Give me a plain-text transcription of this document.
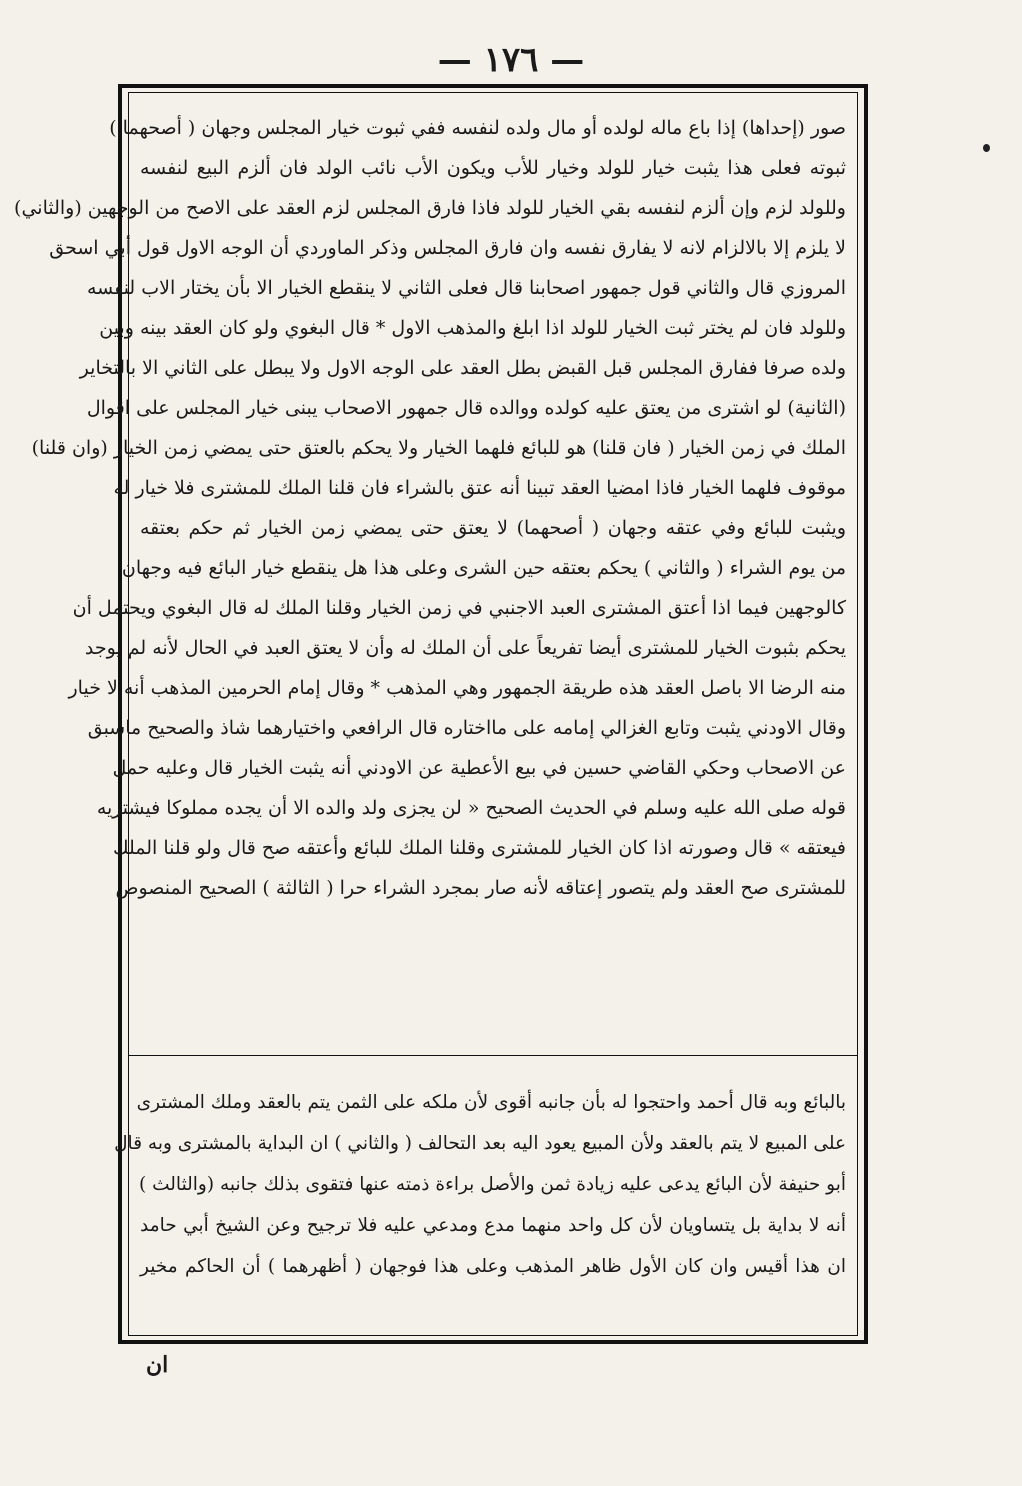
— ١٧٦ —
صور (إحداها) إذا باع ماله لولده أو مال ولده لنفسه ففي ثبوت خيار المجلس وجهان ( أصحهما )
ثبوته فعلى هذا يثبت خيار للولد وخيار للأب ويكون الأب نائب الولد فان ألزم البيع لنفسه
وللولد لزم وإن ألزم لنفسه بقي الخيار للولد فاذا فارق المجلس لزم العقد على الاصح من الوجهين (والثاني)
لا يلزم إلا بالالزام لانه لا يفارق نفسه وان فارق المجلس وذكر الماوردي أن الوجه الاول قول أبي اسحق
المروزي قال والثاني قول جمهور اصحابنا قال فعلى الثاني لا ينقطع الخيار الا بأن يختار الاب لنفسه
وللولد فان لم يختر ثبت الخيار للولد اذا ابلغ والمذهب الاول * قال البغوي ولو كان العقد بينه وبين
ولده صرفا ففارق المجلس قبل القبض بطل العقد على الوجه الاول ولا يبطل على الثاني الا بالتخاير
(الثانية) لو اشترى من يعتق عليه كولده ووالده قال جمهور الاصحاب يبنى خيار المجلس على اقوال
الملك في زمن الخيار ( فان قلنا) هو للبائع فلهما الخيار ولا يحكم بالعتق حتى يمضي زمن الخيار (وان قلنا)
موقوف فلهما الخيار فاذا امضيا العقد تبينا أنه عتق بالشراء فان قلنا الملك للمشترى فلا خيار له
ويثبت للبائع وفي عتقه وجهان ( أصحهما) لا يعتق حتى يمضي زمن الخيار ثم حكم بعتقه
من يوم الشراء ( والثاني ) يحكم بعتقه حين الشرى وعلى هذا هل ينقطع خيار البائع فيه وجهان
كالوجهين فيما اذا أعتق المشترى العبد الاجنبي في زمن الخيار وقلنا الملك له قال البغوي ويحتمل أن
يحكم بثبوت الخيار للمشترى أيضا تفريعاً على أن الملك له وأن لا يعتق العبد في الحال لأنه لم يوجد
منه الرضا الا باصل العقد هذه طريقة الجمهور وهي المذهب * وقال إمام الحرمين المذهب أنه لا خيار
وقال الاودني يثبت وتابع الغزالي إمامه على مااختاره قال الرافعي واختيارهما شاذ والصحيح ماسبق
عن الاصحاب وحكي القاضي حسين في بيع الأعطية عن الاودني أنه يثبت الخيار قال وعليه حمل
قوله صلى الله عليه وسلم في الحديث الصحيح « لن يجزى ولد والده الا أن يجده مملوكا فيشتريه
فيعتقه » قال وصورته اذا كان الخيار للمشترى وقلنا الملك للبائع وأعتقه صح قال ولو قلنا الملك
للمشترى صح العقد ولم يتصور إعتاقه لأنه صار بمجرد الشراء حرا ( الثالثة ) الصحيح المنصوص
بالبائع وبه قال أحمد واحتجوا له بأن جانبه أقوى لأن ملكه على الثمن يتم بالعقد وملك المشترى
على المبيع لا يتم بالعقد ولأن المبيع يعود اليه بعد التحالف ( والثاني ) ان البداية بالمشترى وبه قال
أبو حنيفة لأن البائع يدعى عليه زيادة ثمن والأصل براءة ذمته عنها فتقوى بذلك جانبه (والثالث )
أنه لا بداية بل يتساويان لأن كل واحد منهما مدع ومدعي عليه فلا ترجيح وعن الشيخ أبي حامد
ان هذا أقيس وان كان الأول ظاهر المذهب وعلى هذا فوجهان ( أظهرهما ) أن الحاكم مخير
ان
